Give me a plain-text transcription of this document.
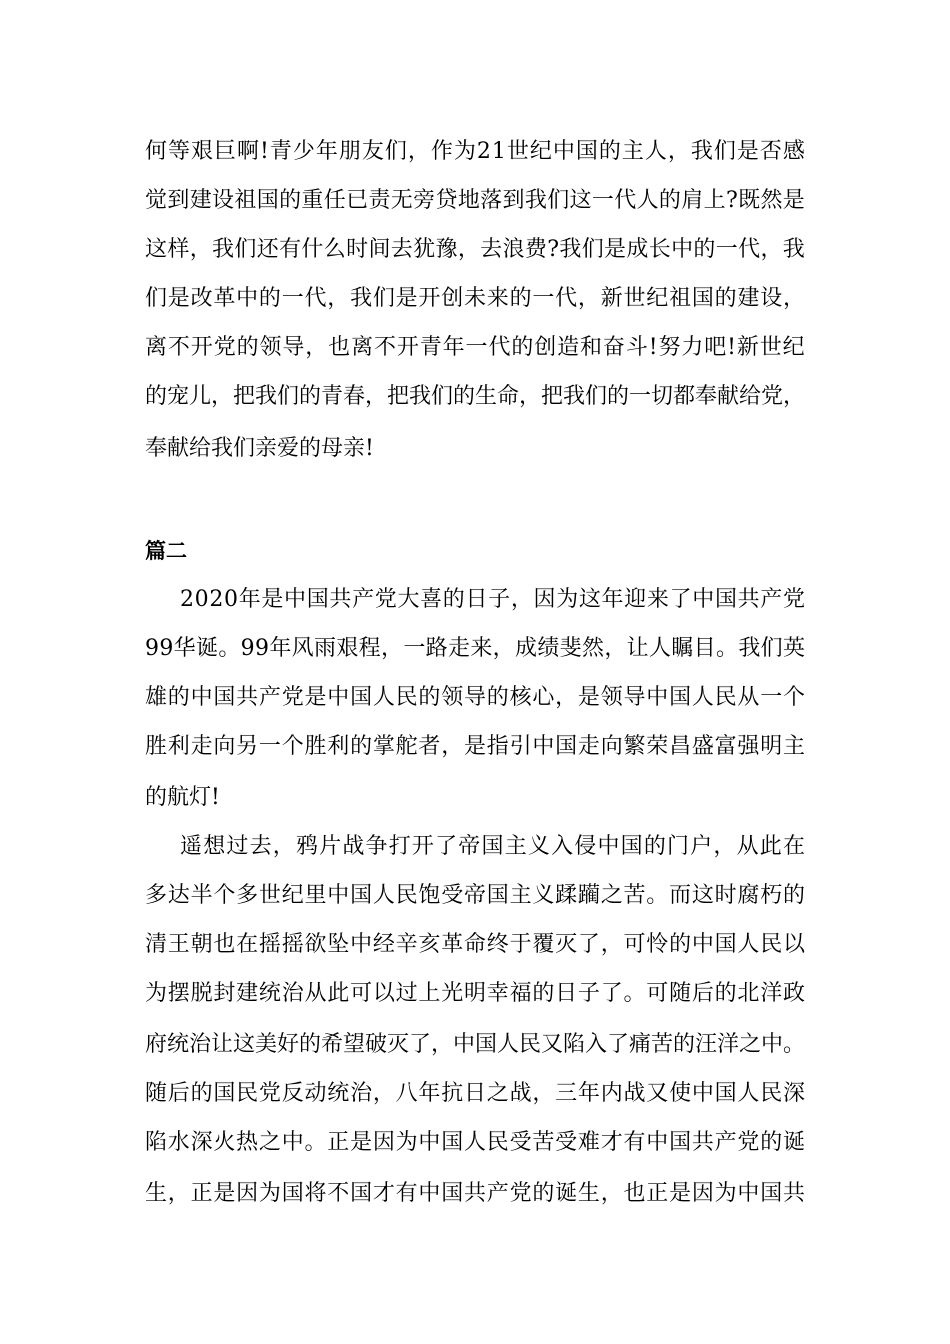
何等艰巨啊!青少年朋友们，作为21世纪中国的主人，我们是否感
觉到建设祖国的重任已责无旁贷地落到我们这一代人的肩上?既然是
这样，我们还有什么时间去犹豫，去浪费?我们是成长中的一代，我
们是改革中的一代，我们是开创未来的一代，新世纪祖国的建设，
离不开党的领导，也离不开青年一代的创造和奋斗!努力吧!新世纪
的宠儿，把我们的青春，把我们的生命，把我们的一切都奉献给党，
奉献给我们亲爱的母亲!
篇二
2020年是中国共产党大喜的日子，因为这年迎来了中国共产党
99华诞。99年风雨艰程，一路走来，成绩斐然，让人瞩目。我们英
雄的中国共产党是中国人民的领导的核心，是领导中国人民从一个
胜利走向另一个胜利的掌舵者，是指引中国走向繁荣昌盛富强明主
的航灯!
遥想过去，鸦片战争打开了帝国主义入侵中国的门户，从此在
多达半个多世纪里中国人民饱受帝国主义蹂躏之苦。而这时腐朽的
清王朝也在摇摇欲坠中经辛亥革命终于覆灭了，可怜的中国人民以
为摆脱封建统治从此可以过上光明幸福的日子了。可随后的北洋政
府统治让这美好的希望破灭了，中国人民又陷入了痛苦的汪洋之中。
随后的国民党反动统治，八年抗日之战，三年内战又使中国人民深
陷水深火热之中。正是因为中国人民受苦受难才有中国共产党的诞
生，正是因为国将不国才有中国共产党的诞生，也正是因为中国共
